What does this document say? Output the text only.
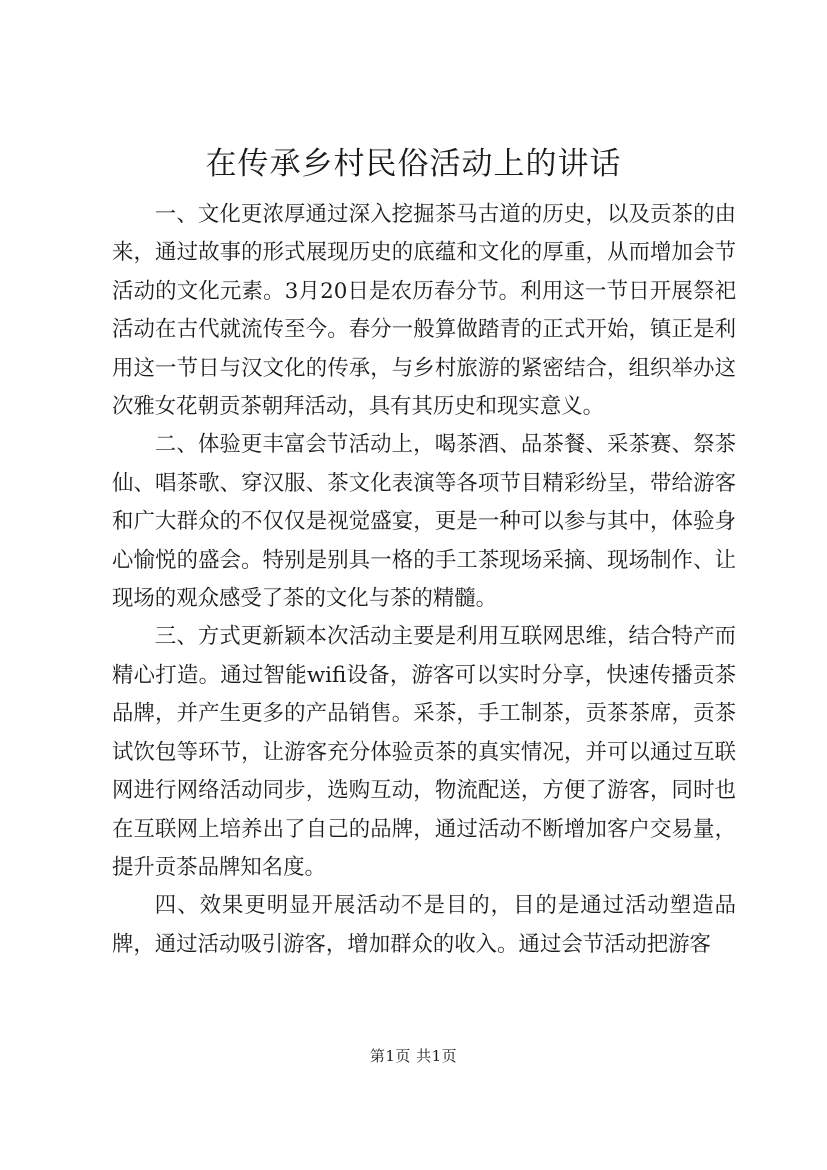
在传承乡村民俗活动上的讲话

一、文化更浓厚通过深入挖掘茶马古道的历史，以及贡茶的由来，通过故事的形式展现历史的底蕴和文化的厚重，从而增加会节活动的文化元素。3月20日是农历春分节。利用这一节日开展祭祀活动在古代就流传至今。春分一般算做踏青的正式开始，镇正是利用这一节日与汉文化的传承，与乡村旅游的紧密结合，组织举办这次雅女花朝贡茶朝拜活动，具有其历史和现实意义。

二、体验更丰富会节活动上，喝茶酒、品茶餐、采茶赛、祭茶仙、唱茶歌、穿汉服、茶文化表演等各项节目精彩纷呈，带给游客和广大群众的不仅仅是视觉盛宴，更是一种可以参与其中，体验身心愉悦的盛会。特别是别具一格的手工茶现场采摘、现场制作、让现场的观众感受了茶的文化与茶的精髓。

三、方式更新颖本次活动主要是利用互联网思维，结合特产而精心打造。通过智能wifi设备，游客可以实时分享，快速传播贡茶品牌，并产生更多的产品销售。采茶，手工制茶，贡茶茶席，贡茶试饮包等环节，让游客充分体验贡茶的真实情况，并可以通过互联网进行网络活动同步，选购互动，物流配送，方便了游客，同时也在互联网上培养出了自己的品牌，通过活动不断增加客户交易量，提升贡茶品牌知名度。

四、效果更明显开展活动不是目的，目的是通过活动塑造品牌，通过活动吸引游客，增加群众的收入。通过会节活动把游客

第1页 共1页
